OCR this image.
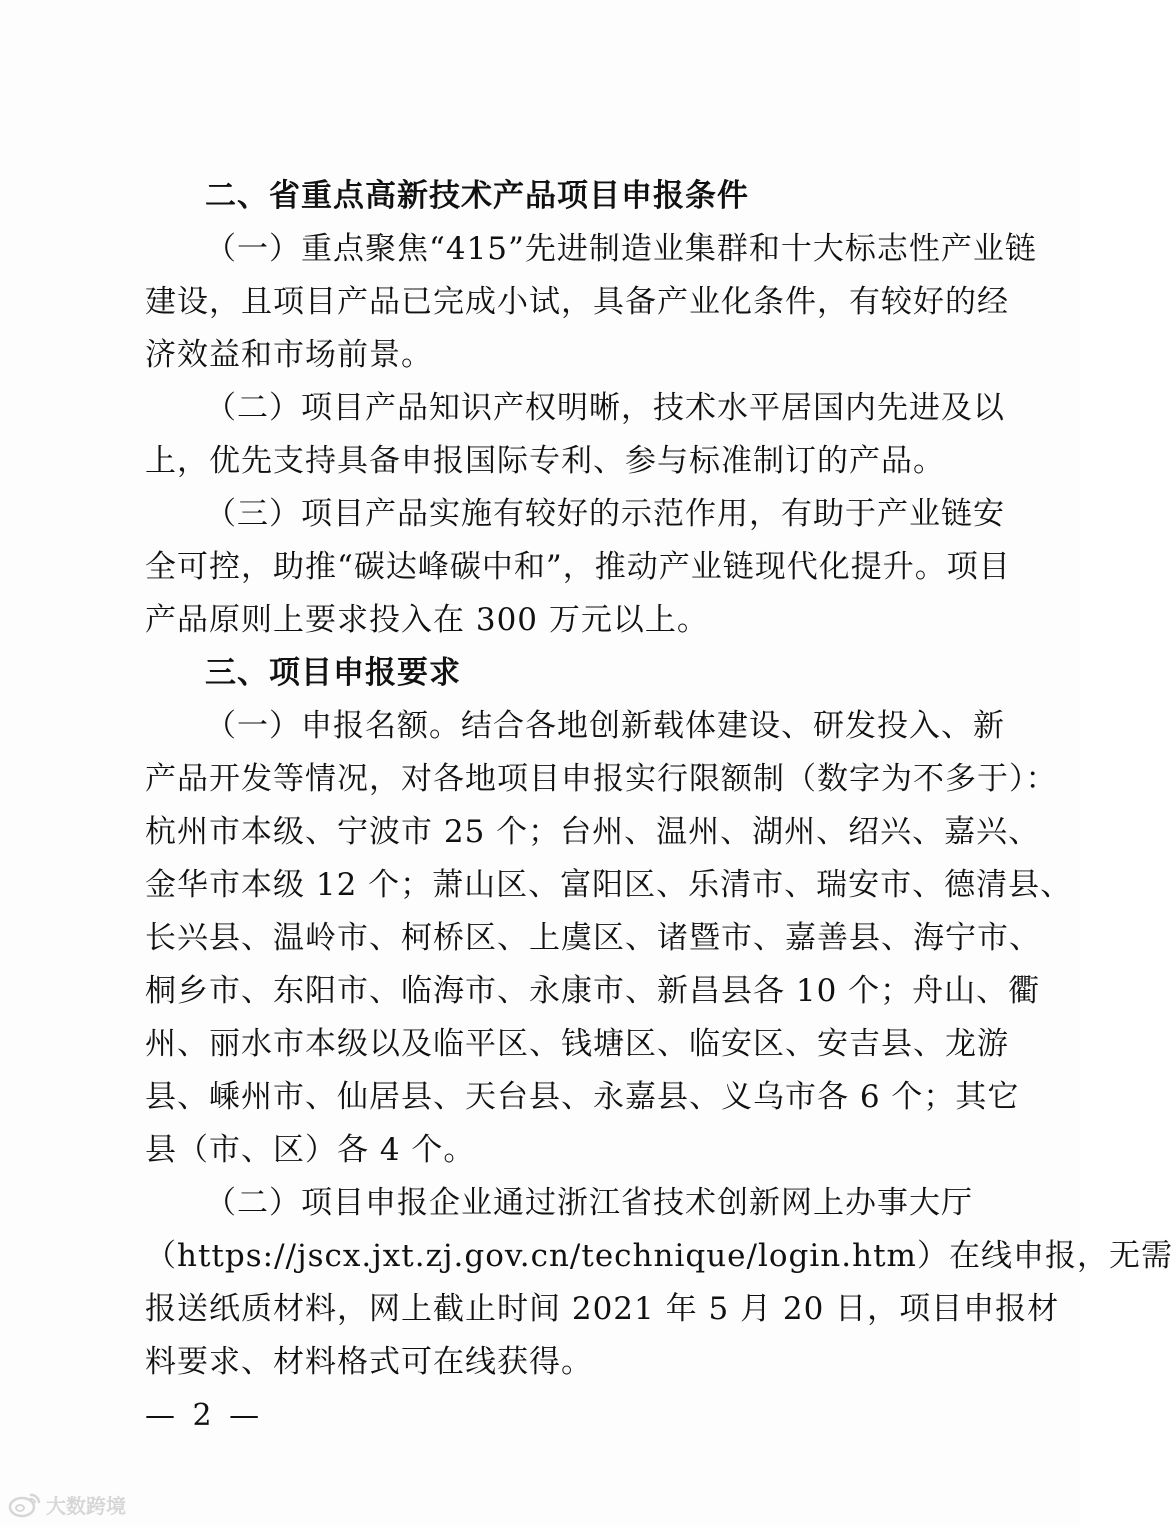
二、省重点高新技术产品项目申报条件
（一）重点聚焦“415”先进制造业集群和十大标志性产业链
建设，且项目产品已完成小试，具备产业化条件，有较好的经
济效益和市场前景。
（二）项目产品知识产权明晰，技术水平居国内先进及以
上，优先支持具备申报国际专利、参与标准制订的产品。
（三）项目产品实施有较好的示范作用，有助于产业链安
全可控，助推“碳达峰碳中和”，推动产业链现代化提升。项目
产品原则上要求投入在 300 万元以上。
三、项目申报要求
（一）申报名额。结合各地创新载体建设、研发投入、新
产品开发等情况，对各地项目申报实行限额制（数字为不多于）：
杭州市本级、宁波市 25 个；台州、温州、湖州、绍兴、嘉兴、
金华市本级 12 个；萧山区、富阳区、乐清市、瑞安市、德清县、
长兴县、温岭市、柯桥区、上虞区、诸暨市、嘉善县、海宁市、
桐乡市、东阳市、临海市、永康市、新昌县各 10 个；舟山、衢
州、丽水市本级以及临平区、钱塘区、临安区、安吉县、龙游
县、嵊州市、仙居县、天台县、永嘉县、义乌市各 6 个；其它
县（市、区）各 4 个。
（二）项目申报企业通过浙江省技术创新网上办事大厅
（https://jscx.jxt.zj.gov.cn/technique/login.htm）在线申报，无需
报送纸质材料，网上截止时间 2021 年 5 月 20 日，项目申报材
料要求、材料格式可在线获得。
— 2 —
大数跨境
